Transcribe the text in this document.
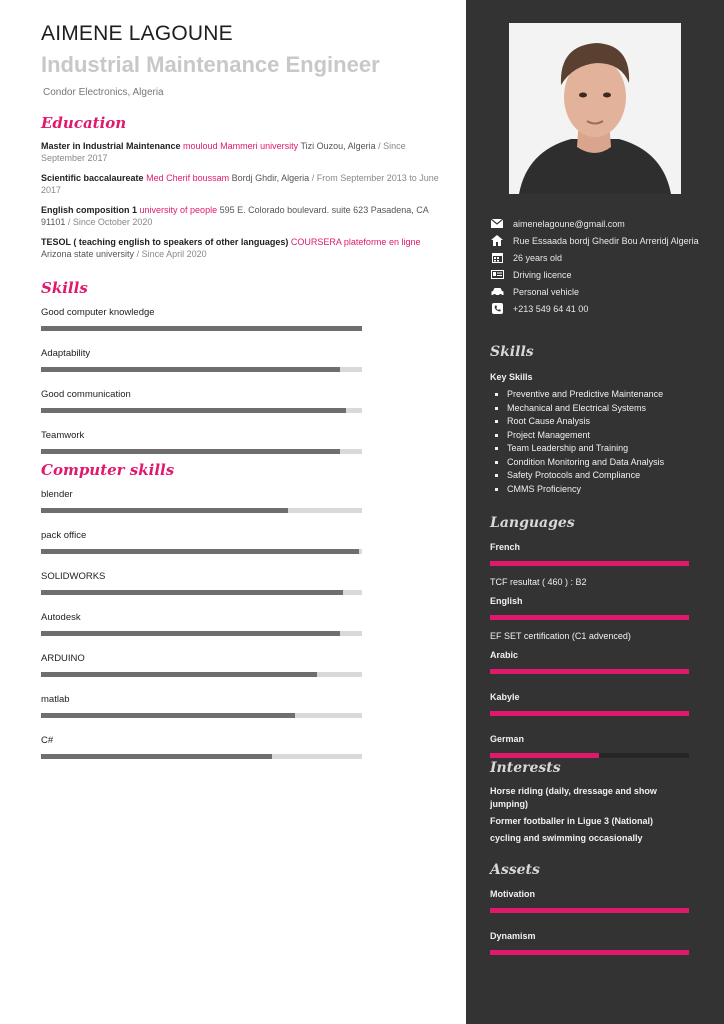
AIMENE LAGOUNE
Industrial Maintenance Engineer
Condor Electronics, Algeria
Education
Master in Industrial Maintenance mouloud Mammeri university Tizi Ouzou, Algeria / Since September 2017
Scientific baccalaureate Med Cherif boussam Bordj Ghdir, Algeria / From September 2013 to June 2017
English composition 1 university of people 595 E. Colorado boulevard. suite 623 Pasadena, CA 91101 / Since October 2020
TESOL ( teaching english to speakers of other languages) COURSERA plateforme en ligne Arizona state university / Since April 2020
Skills
Good computer knowledge
Adaptability
Good communication
Teamwork
Computer skills
blender
pack office
SOLIDWORKS
Autodesk
ARDUINO
matlab
C#
aimenelagoune@gmail.com
Rue Essaada bordj Ghedir Bou Arreridj Algeria
26 years old
Driving licence
Personal vehicle
+213 549 64 41 00
Skills
Key Skills
▪ Preventive and Predictive Maintenance
▪ Mechanical and Electrical Systems
▪ Root Cause Analysis
▪ Project Management
▪ Team Leadership and Training
▪ Condition Monitoring and Data Analysis
▪ Safety Protocols and Compliance
▪ CMMS Proficiency
Languages
French
TCF resultat ( 460 ) : B2
English
EF SET certification (C1 advenced)
Arabic
Kabyle
German
Interests
Horse riding (daily, dressage and show jumping)
Former footballer in Ligue 3 (National)
cycling and swimming occasionally
Assets
Motivation
Dynamism
